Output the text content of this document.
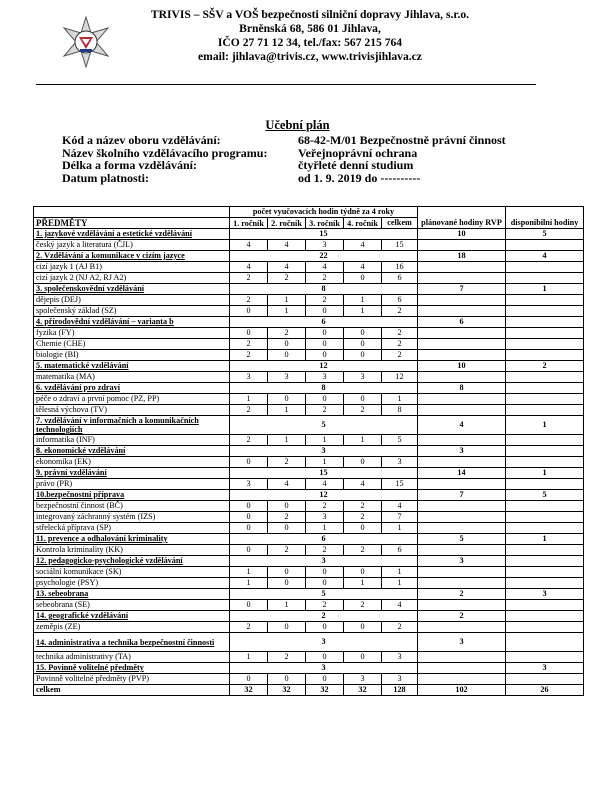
TRIVIS – SŠV a VOŠ bezpečnosti silniční dopravy Jihlava, s.r.o.
Brněnská 68, 586 01 Jihlava,
IČO 27 71 12 34, tel./fax: 567 215 764
email: jihlava@trivis.cz, www.trivisjihlava.cz
Učební plán
Kód a název oboru vzdělávání:	68-42-M/01 Bezpečnostně právní činnost
Název školního vzdělávacího programu:	Veřejnoprávní ochrana
Délka a forma vzdělávání:	čtyřleté denní studium
Datum platnosti:	od 1. 9. 2019 do ----------
	počet vyučovacích hodin týdně za 4 roky						
PŘEDMĚTY	1. ročník	2. ročník	3. ročník	4. ročník	celkem	plánované hodiny RVP	disponibilní hodiny
1. jazykové vzdělávání a estetické vzdělávání	15					10	5
český jazyk a literatura (ČJL)	4	4	3	4	15		
2. Vzdělávání a komunikace v cizím jazyce	22					18	4
cizí jazyk 1 (AJ B1)	4	4	4	4	16		
cizí jazyk 2 (NJ A2, RJ A2)	2	2	2	0	6		
3. společenskovědní vzdělávání	8					7	1
dějepis (DEJ)	2	1	2	1	6		
společenský základ (SZ)	0	1	0	1	2		
4. přírodovědní vzdělávání – varianta b	6					6	
fyzika (FY)	0	2	0	0	2		
Chemie (CHE)	2	0	0	0	2		
biologie (BI)	2	0	0	0	2		
5. matematické vzdělávání	12					10	2
matematika (MA)	3	3	3	3	12		
6. vzdělávání pro zdraví	8					8	
péče o zdraví a první pomoc (PZ, PP)	1	0	0	0	1		
tělesná výchova (TV)	2	1	2	2	8		
7. vzdělávání v informačních a komunikačních technologiích	5					4	1
informatika (INF)	2	1	1	1	5		
8. ekonomické vzdělávání	3					3	
ekonomika (EK)	0	2	1	0	3		
9. právní vzdělávání	15					14	1
právo (PR)	3	4	4	4	15		
10.bezpečnostní příprava	12					7	5
bezpečnostní činnost (BČ)	0	0	2	2	4		
integrovaný záchranný systém (IZS)	0	2	3	2	7		
střelecká příprava (SP)	0	0	1	0	1		
11. prevence a odhalování kriminality	6					5	1
Kontrola kriminality (KK)	0	2	2	2	6		
12. pedagogicko-psychologické vzdělávání	3					3	
sociální komunikace (SK)	1	0	0	0	1		
psychologie (PSY)	1	0	0	1	1		
13. sebeobrana	5					2	3
sebeobrana (SE)	0	1	2	2	4		
14. geografické vzdělávání	2					2	
zeměpis (ZE)	2	0	0	0	2		
14. administrativa a technika bezpečnostní činnosti	3					3	
technika administrativy (TA)	1	2	0	0	3		
15. Povinně volitelné předměty	3						3
Povinně volitelné předměty (PVP)	0	0	0	3	3		
celkem	32	32	32	32	128	102	26
